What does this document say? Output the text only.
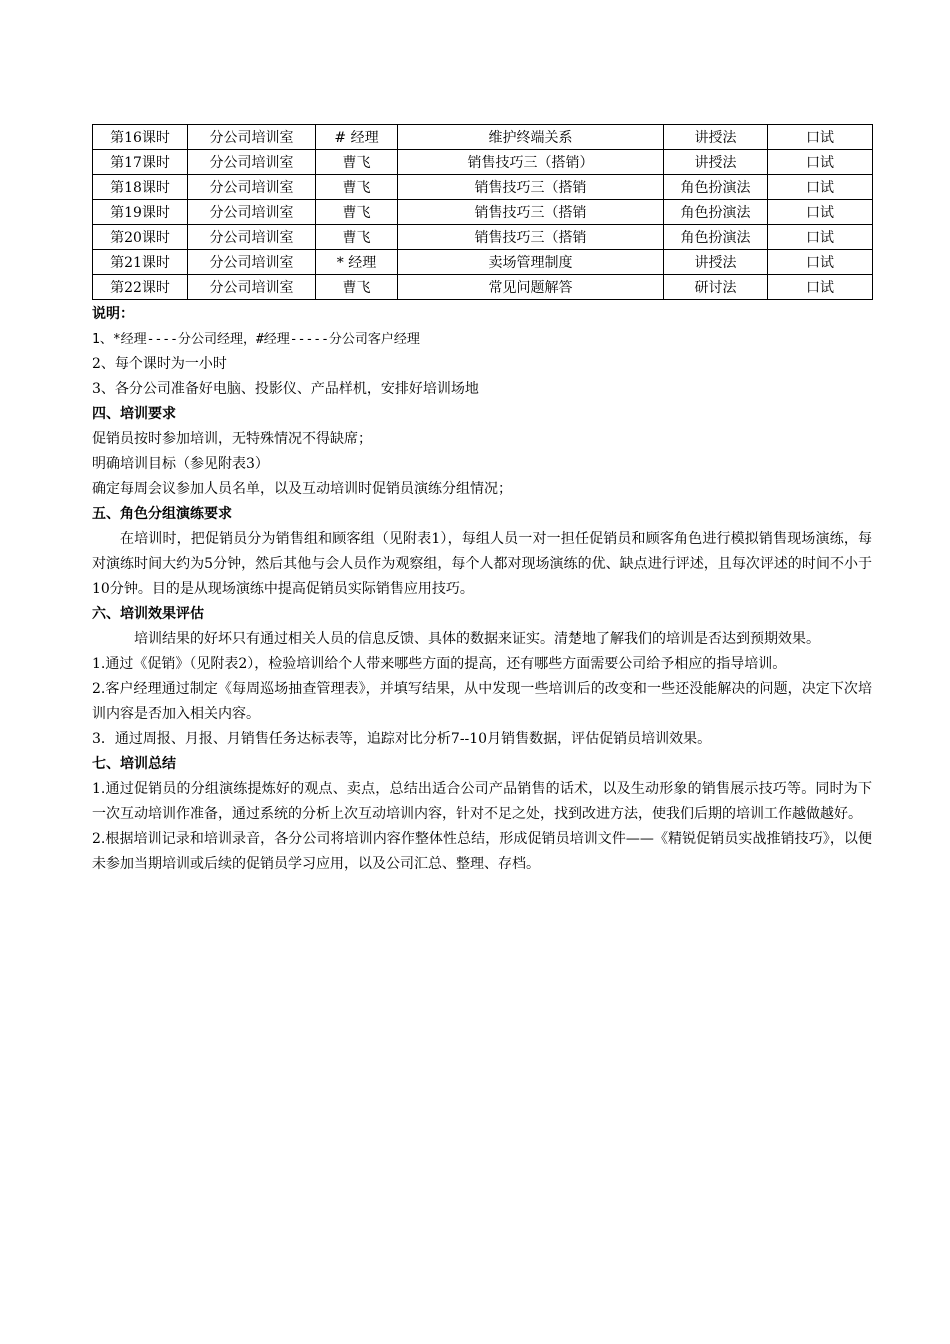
第16课时	分公司培训室	# 经理	维护终端关系	讲授法	口试
第17课时	分公司培训室	曹飞	销售技巧三（搭销）	讲授法	口试
第18课时	分公司培训室	曹飞	销售技巧三（搭销	角色扮演法	口试
第19课时	分公司培训室	曹飞	销售技巧三（搭销	角色扮演法	口试
第20课时	分公司培训室	曹飞	销售技巧三（搭销	角色扮演法	口试
第21课时	分公司培训室	* 经理	卖场管理制度	讲授法	口试
第22课时	分公司培训室	曹飞	常见问题解答	研讨法	口试
说明：
1、*经理----分公司经理，#经理-----分公司客户经理
2、每个课时为一小时
3、各分公司准备好电脑、投影仪、产品样机，安排好培训场地
四、培训要求
促销员按时参加培训，无特殊情况不得缺席；
明确培训目标（参见附表3）
确定每周会议参加人员名单，以及互动培训时促销员演练分组情况；
五、角色分组演练要求
在培训时，把促销员分为销售组和顾客组（见附表1），每组人员一对一担任促销员和顾客角色进行模拟销售现场演练，每对演练时间大约为5分钟，然后其他与会人员作为观察组，每个人都对现场演练的优、缺点进行评述，且每次评述的时间不小于10分钟。目的是从现场演练中提高促销员实际销售应用技巧。
六、培训效果评估
培训结果的好坏只有通过相关人员的信息反馈、具体的数据来证实。清楚地了解我们的培训是否达到预期效果。
1.通过《促销》（见附表2），检验培训给个人带来哪些方面的提高，还有哪些方面需要公司给予相应的指导培训。
2.客户经理通过制定《每周巡场抽查管理表》，并填写结果，从中发现一些培训后的改变和一些还没能解决的问题，决定下次培训内容是否加入相关内容。
3．通过周报、月报、月销售任务达标表等，追踪对比分析7--10月销售数据，评估促销员培训效果。
七、培训总结
1.通过促销员的分组演练提炼好的观点、卖点，总结出适合公司产品销售的话术，以及生动形象的销售展示技巧等。同时为下一次互动培训作准备，通过系统的分析上次互动培训内容，针对不足之处，找到改进方法，使我们后期的培训工作越做越好。
2.根据培训记录和培训录音，各分公司将培训内容作整体性总结，形成促销员培训文件——《精锐促销员实战推销技巧》，以便未参加当期培训或后续的促销员学习应用，以及公司汇总、整理、存档。
